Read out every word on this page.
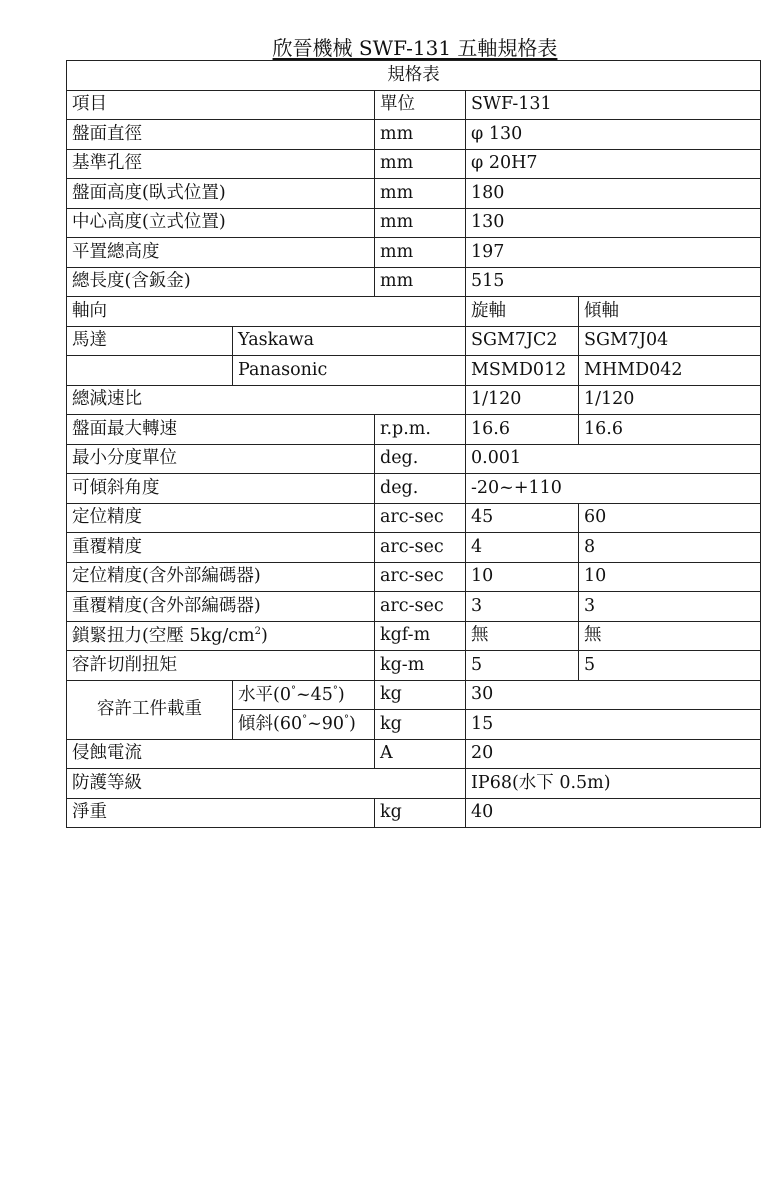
欣晉機械 SWF-131 五軸規格表
規格表				
項目		單位	SWF-131	
盤面直徑		mm	φ 130	
基準孔徑		mm	φ 20H7	
盤面高度(臥式位置)		mm	180	
中心高度(立式位置)		mm	130	
平置總高度		mm	197	
總長度(含鈑金)		mm	515	
軸向			旋軸	傾軸
馬達	Yaskawa		SGM7JC2	SGM7J04
	Panasonic		MSMD012	MHMD042
總減速比			1/120	1/120
盤面最大轉速		r.p.m.	16.6	16.6
最小分度單位		deg.	0.001	
可傾斜角度		deg.	-20~+110	
定位精度		arc-sec	45	60
重覆精度		arc-sec	4	8
定位精度(含外部編碼器)		arc-sec	10	10
重覆精度(含外部編碼器)		arc-sec	3	3
鎖緊扭力(空壓 $5kg/cm^2$)		kgf-m	無	無
容許切削扭矩		kg-m	5	5
容許工件載重	水平(0°~45°)	kg	30	
	傾斜(60°~90°)	kg	15	
侵蝕電流		A	20	
防護等級			IP68(水下 0.5m)	
淨重		kg	40	
